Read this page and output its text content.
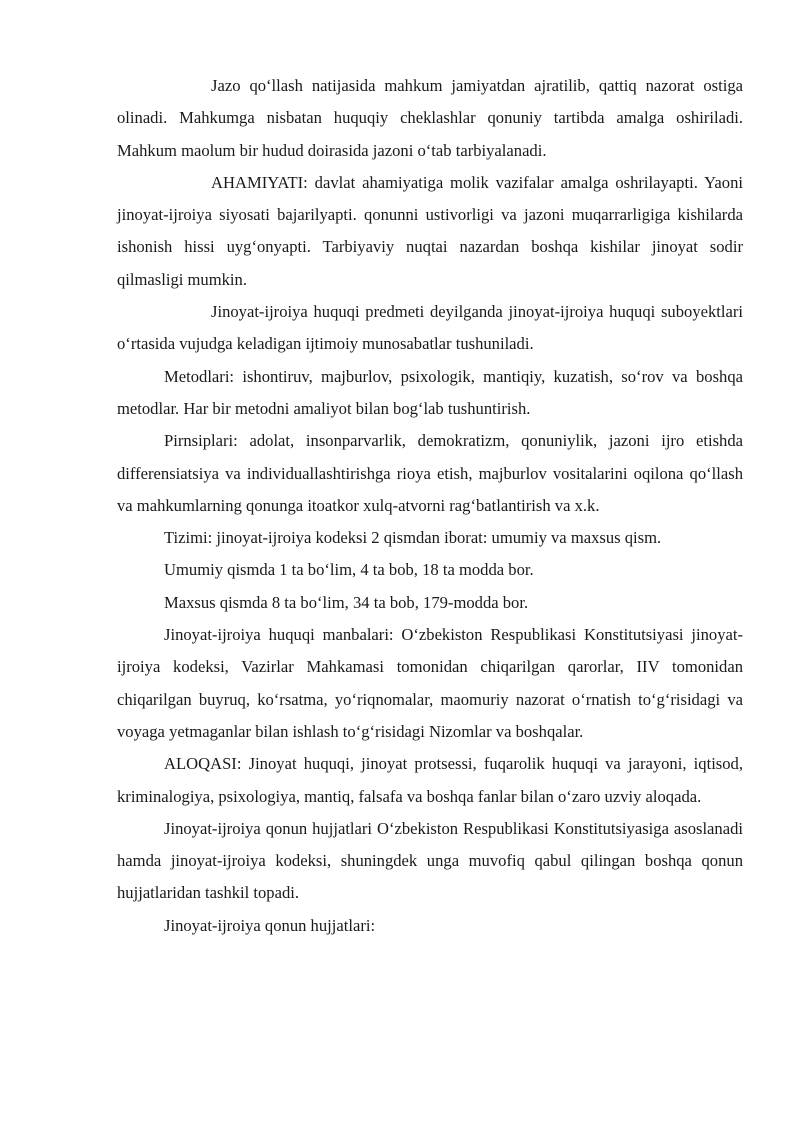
Jazo qo‘llash natijasida mahkum jamiyatdan ajratilib, qattiq nazorat ostiga olinadi. Mahkumga nisbatan huquqiy cheklashlar qonuniy tartibda amalga oshiriladi. Mahkum maolum bir hudud doirasida jazoni o‘tab tarbiyalanadi.

AHAMIYATI: davlat ahamiyatiga molik vazifalar amalga oshrilayapti. Yaoni jinoyat-ijroiya siyosati bajarilyapti. qonunni ustivorligi va jazoni muqarrarligiga kishilarda ishonish hissi uyg‘onyapti. Tarbiyaviy nuqtai nazardan boshqa kishilar jinoyat sodir qilmasligi mumkin.

Jinoyat-ijroiya huquqi predmeti deyilganda jinoyat-ijroiya huquqi suboyektlari o‘rtasida vujudga keladigan ijtimoiy munosabatlar tushuniladi.

Metodlari: ishontiruv, majburlov, psixologik, mantiqiy, kuzatish, so‘rov va boshqa metodlar. Har bir metodni amaliyot bilan bog‘lab tushuntirish.

Pirnsiplari: adolat, insonparvarlik, demokratizm, qonuniylik, jazoni ijro etishda differensiatsiya va individuallashtirishga rioya etish, majburlov vositalarini oqilona qo‘llash va mahkumlarning qonunga itoatkor xulq-atvorni rag‘batlantirish va x.k.

Tizimi: jinoyat-ijroiya kodeksi 2 qismdan iborat: umumiy va maxsus qism.

Umumiy qismda 1 ta bo‘lim, 4 ta bob, 18 ta modda bor.

Maxsus qismda 8 ta bo‘lim, 34 ta bob, 179-modda bor.

Jinoyat-ijroiya huquqi manbalari: O‘zbekiston Respublikasi Konstitutsiyasi jinoyat-ijroiya kodeksi, Vazirlar Mahkamasi tomonidan chiqarilgan qarorlar, IIV tomonidan chiqarilgan buyruq, ko‘rsatma, yo‘riqnomalar, maomuriy nazorat o‘rnatish to‘g‘risidagi va voyaga yetmaganlar bilan ishlash to‘g‘risidagi Nizomlar va boshqalar.

ALOQASI: Jinoyat huquqi, jinoyat protsessi, fuqarolik huquqi va jarayoni, iqtisod, kriminalogiya, psixologiya, mantiq, falsafa va boshqa fanlar bilan o‘zaro uzviy aloqada.

Jinoyat-ijroiya qonun hujjatlari O‘zbekiston Respublikasi Konstitutsiyasiga asoslanadi hamda jinoyat-ijroiya kodeksi, shuningdek unga muvofiq qabul qilingan boshqa qonun hujjatlaridan tashkil topadi.

Jinoyat-ijroiya qonun hujjatlari:
